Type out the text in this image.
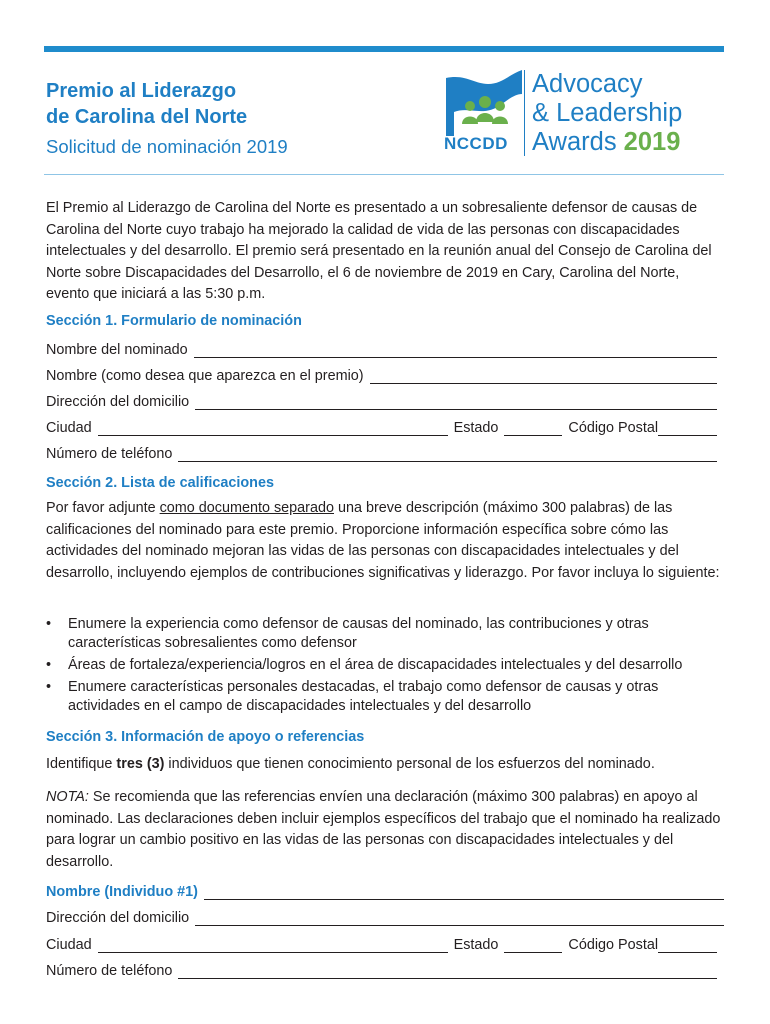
Premio al Liderazgo
de Carolina del Norte
Solicitud de nominación 2019	NCCDD
Advocacy
& Leadership
Awards 2019
El Premio al Liderazgo de Carolina del Norte es presentado a un sobresaliente defensor de causas de Carolina del Norte cuyo trabajo ha mejorado la calidad de vida de las personas con discapacidades intelectuales y del desarrollo. El premio será presentado en la reunión anual del Consejo de Carolina del Norte sobre Discapacidades del Desarrollo, el 6 de noviembre de 2019 en Cary, Carolina del Norte, evento que iniciará a las 5:30 p.m.
Sección 1. Formulario de nominación
Nombre del nominado
Nombre (como desea que aparezca en el premio)
Dirección del domicilio
Ciudad	Estado	Código Postal
Número de teléfono
Sección 2. Lista de calificaciones
Por favor adjunte como documento separado una breve descripción (máximo 300 palabras) de las calificaciones del nominado para este premio. Proporcione información específica sobre cómo las actividades del nominado mejoran las vidas de las personas con discapacidades intelectuales y del desarrollo, incluyendo ejemplos de contribuciones significativas y liderazgo. Por favor incluya lo siguiente:
• Enumere la experiencia como defensor de causas del nominado, las contribuciones y otras características sobresalientes como defensor
• Áreas de fortaleza/experiencia/logros en el área de discapacidades intelectuales y del desarrollo
• Enumere características personales destacadas, el trabajo como defensor de causas y otras actividades en el campo de discapacidades intelectuales y del desarrollo
Sección 3. Información de apoyo o referencias
Identifique tres (3) individuos que tienen conocimiento personal de los esfuerzos del nominado.
NOTA: Se recomienda que las referencias envíen una declaración (máximo 300 palabras) en apoyo al nominado. Las declaraciones deben incluir ejemplos específicos del trabajo que el nominado ha realizado para lograr un cambio positivo en las vidas de las personas con discapacidades intelectuales y del desarrollo.
Nombre (Individuo #1)
Dirección del domicilio
Ciudad	Estado	Código Postal
Número de teléfono
